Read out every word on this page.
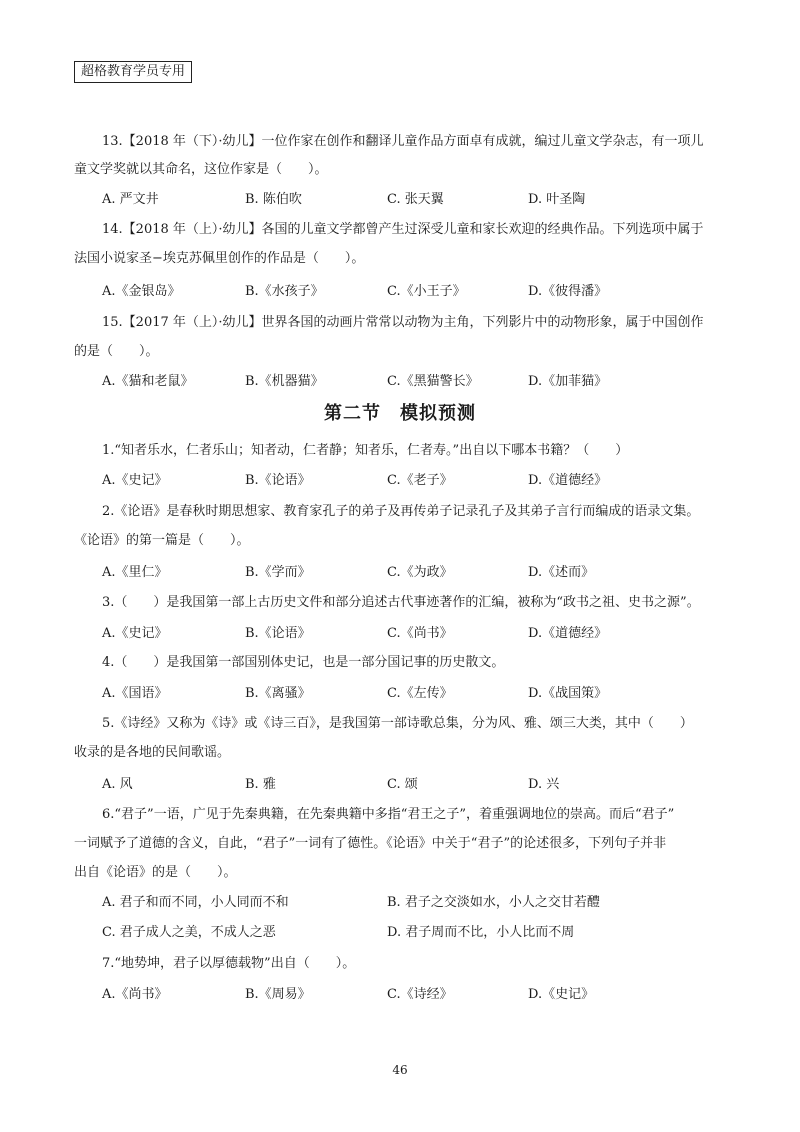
超格教育学员专用
13.【2018 年（下）·幼儿】一位作家在创作和翻译儿童作品方面卓有成就，编过儿童文学杂志，有一项儿
童文学奖就以其命名，这位作家是（　　）。
A. 严文井	B. 陈伯吹	C. 张天翼	D. 叶圣陶
14.【2018 年（上）·幼儿】各国的儿童文学都曾产生过深受儿童和家长欢迎的经典作品。下列选项中属于
法国小说家圣−埃克苏佩里创作的作品是（　　）。
A.《金银岛》	B.《水孩子》	C.《小王子》	D.《彼得潘》
15.【2017 年（上）·幼儿】世界各国的动画片常常以动物为主角，下列影片中的动物形象，属于中国创作
的是（　　）。
A.《猫和老鼠》	B.《机器猫》	C.《黑猫警长》	D.《加菲猫》
第二节　模拟预测
1.“知者乐水，仁者乐山；知者动，仁者静；知者乐，仁者寿。”出自以下哪本书籍？（　　）
A.《史记》	B.《论语》	C.《老子》	D.《道德经》
2.《论语》是春秋时期思想家、教育家孔子的弟子及再传弟子记录孔子及其弟子言行而编成的语录文集。
《论语》的第一篇是（　　）。
A.《里仁》	B.《学而》	C.《为政》	D.《述而》
3.（　　）是我国第一部上古历史文件和部分追述古代事迹著作的汇编，被称为“政书之祖、史书之源”。
A.《史记》	B.《论语》	C.《尚书》	D.《道德经》
4.（　　）是我国第一部国别体史记，也是一部分国记事的历史散文。
A.《国语》	B.《离骚》	C.《左传》	D.《战国策》
5.《诗经》又称为《诗》或《诗三百》，是我国第一部诗歌总集，分为风、雅、颂三大类，其中（　　）
收录的是各地的民间歌谣。
A. 风	B. 雅	C. 颂	D. 兴
6.“君子”一语，广见于先秦典籍，在先秦典籍中多指“君王之子”，着重强调地位的崇高。而后“君子”
一词赋予了道德的含义，自此，“君子”一词有了德性。《论语》中关于“君子”的论述很多，下列句子并非
出自《论语》的是（　　）。
A. 君子和而不同，小人同而不和	B. 君子之交淡如水，小人之交甘若醴
C. 君子成人之美，不成人之恶	D. 君子周而不比，小人比而不周
7.“地势坤，君子以厚德载物”出自（　　）。
A.《尚书》	B.《周易》	C.《诗经》	D.《史记》
46
